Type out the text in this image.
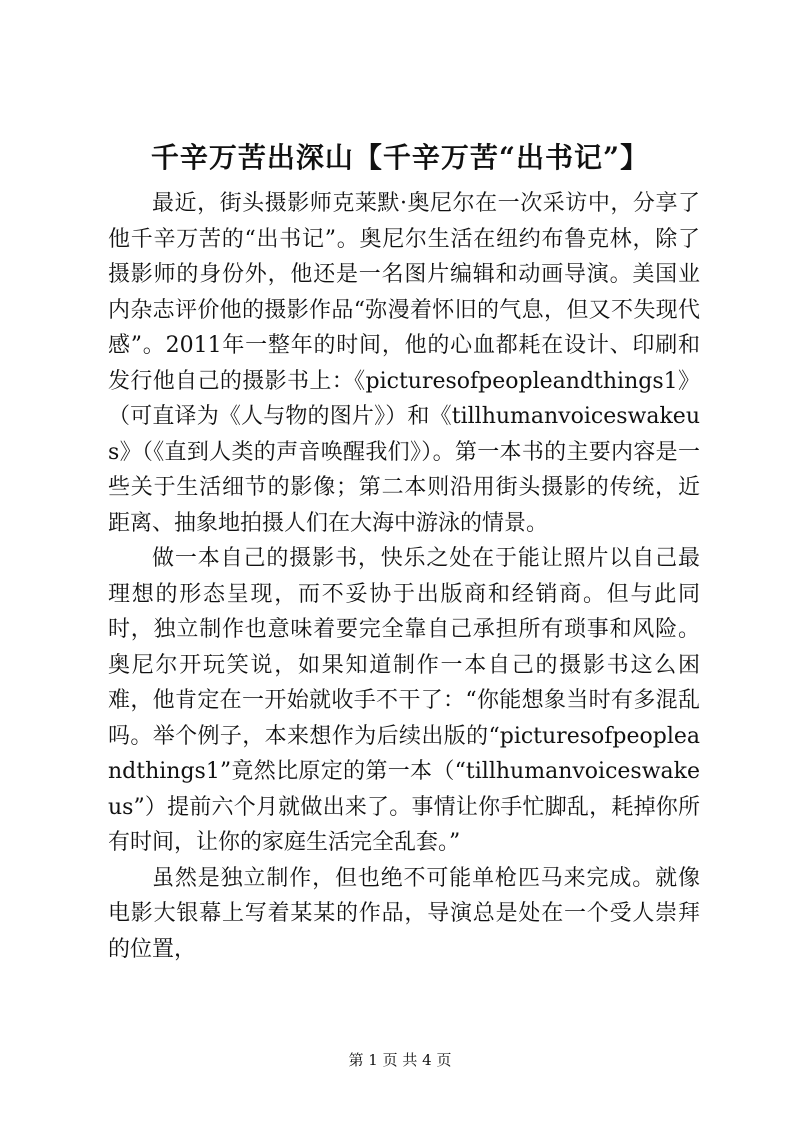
千辛万苦出深山【千辛万苦“出书记”】

最近，街头摄影师克莱默·奥尼尔在一次采访中，分享了他千辛万苦的“出书记”。奥尼尔生活在纽约布鲁克林，除了摄影师的身份外，他还是一名图片编辑和动画导演。美国业内杂志评价他的摄影作品“弥漫着怀旧的气息，但又不失现代感”。2011年一整年的时间，他的心血都耗在设计、印刷和发行他自己的摄影书上：《picturesofpeopleandthings1》（可直译为《人与物的图片》）和《tillhumanvoiceswakeus》（《直到人类的声音唤醒我们》）。第一本书的主要内容是一些关于生活细节的影像；第二本则沿用街头摄影的传统，近距离、抽象地拍摄人们在大海中游泳的情景。

做一本自己的摄影书，快乐之处在于能让照片以自己最理想的形态呈现，而不妥协于出版商和经销商。但与此同时，独立制作也意味着要完全靠自己承担所有琐事和风险。奥尼尔开玩笑说，如果知道制作一本自己的摄影书这么困难，他肯定在一开始就收手不干了：“你能想象当时有多混乱吗。举个例子，本来想作为后续出版的“picturesofpeopleandthings1”竟然比原定的第一本（“tillhumanvoiceswakeus”）提前六个月就做出来了。事情让你手忙脚乱，耗掉你所有时间，让你的家庭生活完全乱套。”

虽然是独立制作，但也绝不可能单枪匹马来完成。就像电影大银幕上写着某某的作品，导演总是处在一个受人崇拜的位置，

第 1 页 共 4 页
